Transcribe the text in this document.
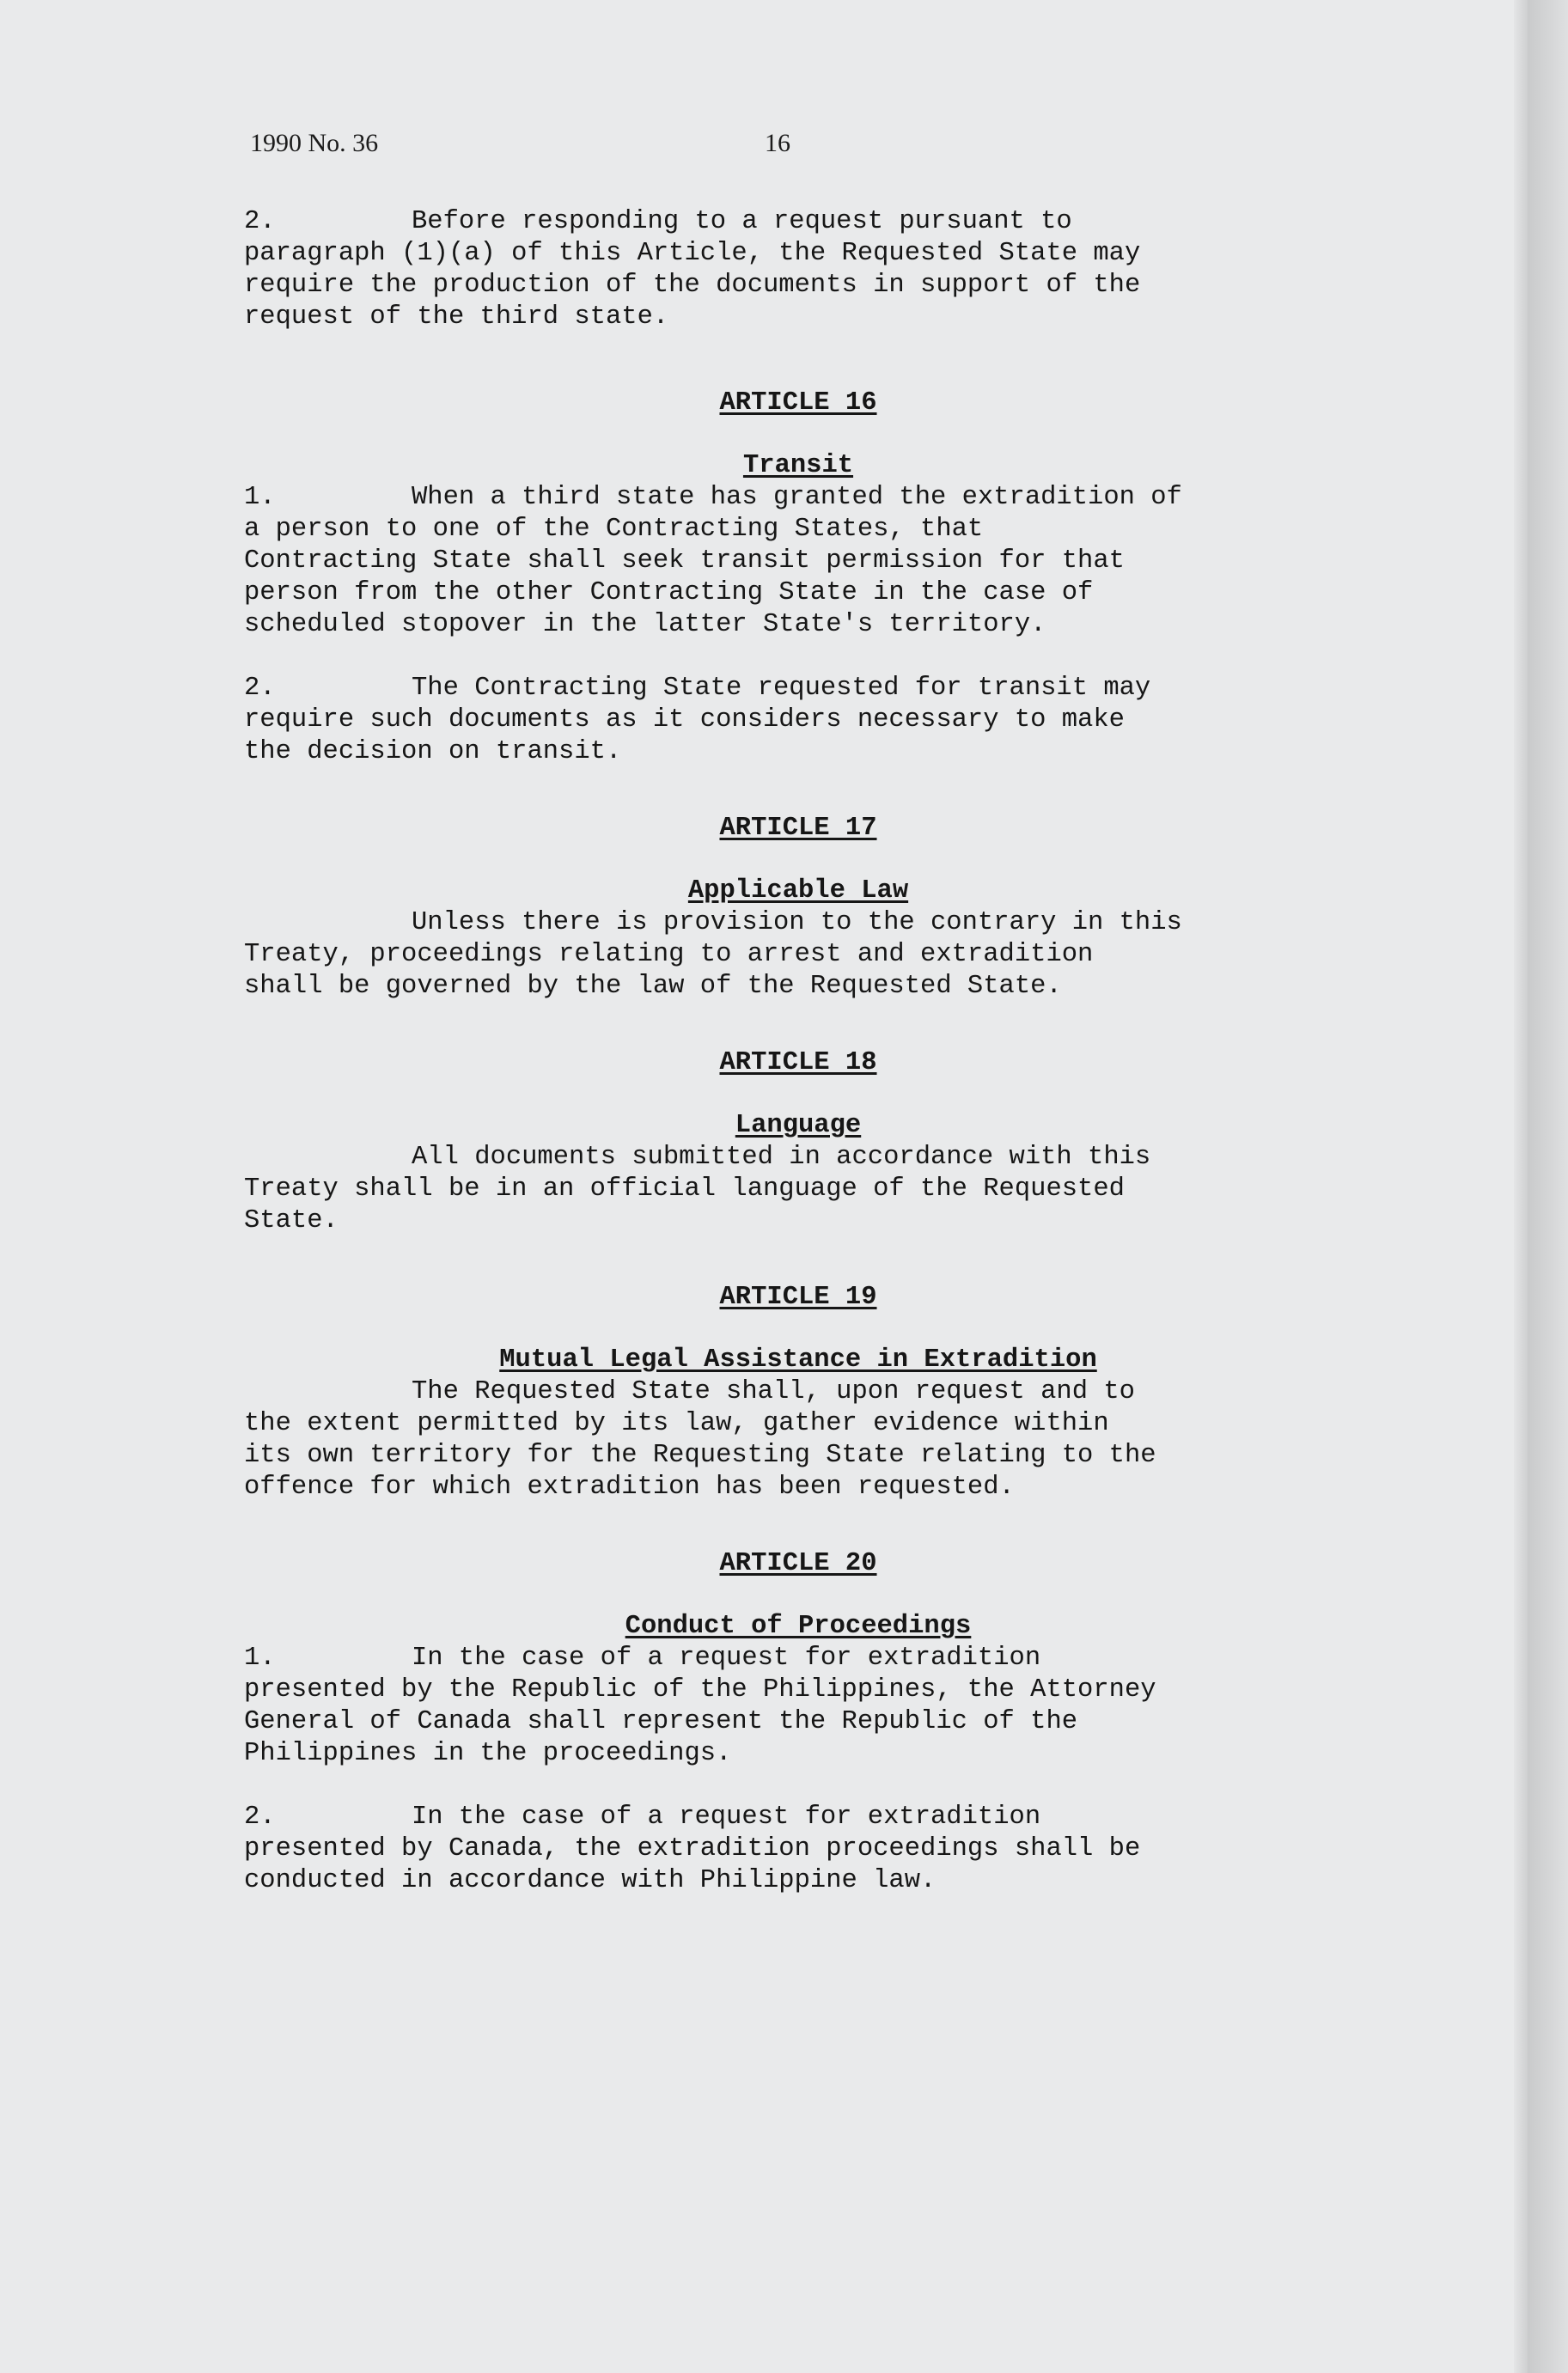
1990 No. 36	16
2.	Before responding to a request pursuant to
paragraph (1)(a) of this Article, the Requested State may
require the production of the documents in support of the
request of the third state.
ARTICLE 16
Transit
1.	When a third state has granted the extradition of
a person to one of the Contracting States, that
Contracting State shall seek transit permission for that
person from the other Contracting State in the case of
scheduled stopover in the latter State's territory.
2.	The Contracting State requested for transit may
require such documents as it considers necessary to make
the decision on transit.
ARTICLE 17
Applicable Law
Unless there is provision to the contrary in this
Treaty, proceedings relating to arrest and extradition
shall be governed by the law of the Requested State.
ARTICLE 18
Language
All documents submitted in accordance with this
Treaty shall be in an official language of the Requested
State.
ARTICLE 19
Mutual Legal Assistance in Extradition
The Requested State shall, upon request and to
the extent permitted by its law, gather evidence within
its own territory for the Requesting State relating to the
offence for which extradition has been requested.
ARTICLE 20
Conduct of Proceedings
1.	In the case of a request for extradition
presented by the Republic of the Philippines, the Attorney
General of Canada shall represent the Republic of the
Philippines in the proceedings.
2.	In the case of a request for extradition
presented by Canada, the extradition proceedings shall be
conducted in accordance with Philippine law.
